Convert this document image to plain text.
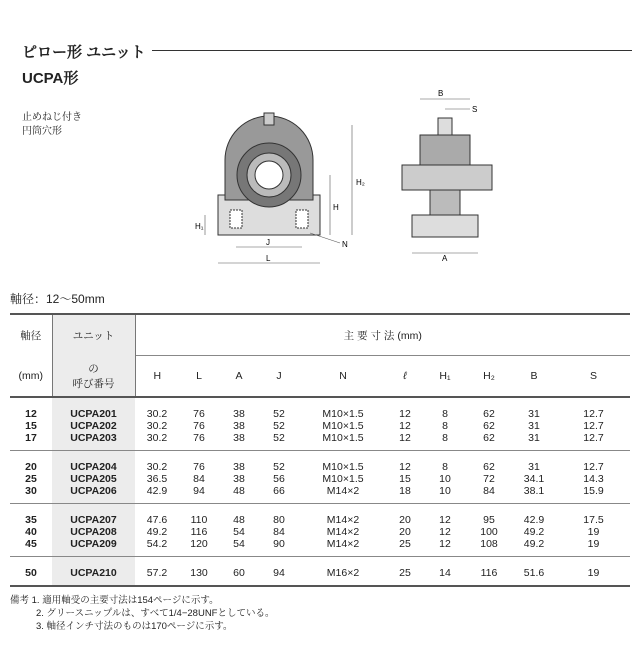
ピロー形 ユニット
UCPA形
止めねじ付き
円筒穴形
H₂
H
H₁
J
L
N
B
S
A
軸径：12～50mm
軸径	ユニット	主 要 寸 法 (mm)									
(mm)	の
呼び番号	H	L	A	J	N	ℓ	H₁	H₂	B	S

12	UCPA201	30.2	76	38	52	M10×1.5	12	8	62	31	12.7
15	UCPA202	30.2	76	38	52	M10×1.5	12	8	62	31	12.7
17	UCPA203	30.2	76	38	52	M10×1.5	12	8	62	31	12.7

20	UCPA204	30.2	76	38	52	M10×1.5	12	8	62	31	12.7
25	UCPA205	36.5	84	38	56	M10×1.5	15	10	72	34.1	14.3
30	UCPA206	42.9	94	48	66	M14×2	18	10	84	38.1	15.9

35	UCPA207	47.6	110	48	80	M14×2	20	12	95	42.9	17.5
40	UCPA208	49.2	116	54	84	M14×2	20	12	100	49.2	19
45	UCPA209	54.2	120	54	90	M14×2	25	12	108	49.2	19

50	UCPA210	57.2	130	60	94	M16×2	25	14	116	51.6	19

備考 1. 適用軸受の主要寸法は154ページに示す。
2. グリースニップルは、すべて1/4−28UNFとしている。
3. 軸径インチ寸法のものは170ページに示す。
